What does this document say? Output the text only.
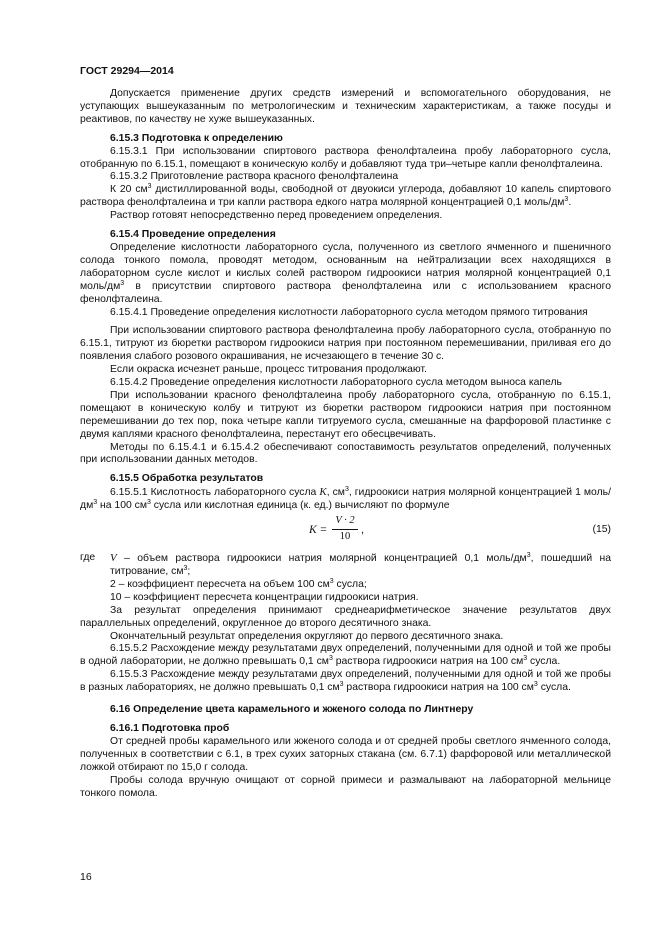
ГОСТ 29294—2014

Допускается применение других средств измерений и вспомогательного оборудования, не уступающих вышеуказанным по метрологическим и техническим характеристикам, а также посуды и реактивов, по качеству не хуже вышеуказанных.

6.15.3 Подготовка к определению

6.15.3.1 При использовании спиртового раствора фенолфталеина пробу лабораторного сусла, отобранную по 6.15.1, помещают в коническую колбу и добавляют туда три–четыре капли фенолфталеина.

6.15.3.2 Приготовление раствора красного фенолфталеина

К 20 $см^3$ дистиллированной воды, свободной от двуокиси углерода, добавляют 10 капель спиртового раствора фенолфталеина и три капли раствора едкого натра молярной концентрацией 0,1 моль/$дм^3$.

Раствор готовят непосредственно перед проведением определения.

6.15.4 Проведение определения

Определение кислотности лабораторного сусла, полученного из светлого ячменного и пшеничного солода тонкого помола, проводят методом, основанным на нейтрализации всех находящихся в лабораторном сусле кислот и кислых солей раствором гидроокиси натрия молярной концентрацией 0,1 моль/$дм^3$ в присутствии спиртового раствора фенолфталеина или с использованием красного фенолфталеина.

6.15.4.1 Проведение определения кислотности лабораторного сусла методом прямого титрования

При использовании спиртового раствора фенолфталеина пробу лабораторного сусла, отобранную по 6.15.1, титруют из бюретки раствором гидроокиси натрия при постоянном перемешивании, приливая его до появления слабого розового окрашивания, не исчезающего в течение 30 с.

Если окраска исчезнет раньше, процесс титрования продолжают.

6.15.4.2 Проведение определения кислотности лабораторного сусла методом выноса капель

При использовании красного фенолфталеина пробу лабораторного сусла, отобранную по 6.15.1, помещают в коническую колбу и титруют из бюретки раствором гидроокиси натрия при постоянном перемешивании до тех пор, пока четыре капли титруемого сусла, смешанные на фарфоровой пластинке с двумя каплями красного фенолфталеина, перестанут его обесцвечивать.

Методы по 6.15.4.1 и 6.15.4.2 обеспечивают сопоставимость результатов определений, полученных при использовании данных методов.

6.15.5 Обработка результатов

6.15.5.1 Кислотность лабораторного сусла K, $см^3$, гидроокиси натрия молярной концентрацией 1 моль/$дм^3$ на 100 $см^3$ сусла или кислотная единица (к. ед.) вычисляют по формуле

$K = \frac{V \cdot 2}{10}$ ,	(15)
где	V – объем раствора гидроокиси натрия молярной концентрацией 0,1 моль/$дм^3$, пошедший на титрование, $см^3$;

2 – коэффициент пересчета на объем 100 $см^3$ сусла;

10 – коэффициент пересчета концентрации гидроокиси натрия.

За результат определения принимают среднеарифметическое значение результатов двух параллельных определений, округленное до второго десятичного знака.

Окончательный результат определения округляют до первого десятичного знака.

6.15.5.2 Расхождение между результатами двух определений, полученными для одной и той же пробы в одной лаборатории, не должно превышать 0,1 $см^3$ раствора гидроокиси натрия на 100 $см^3$ сусла.

6.15.5.3 Расхождение между результатами двух определений, полученными для одной и той же пробы в разных лабораториях, не должно превышать 0,1 $см^3$ раствора гидроокиси натрия на 100 $см^3$ сусла.

6.16 Определение цвета карамельного и жженого солода по Линтнеру

6.16.1 Подготовка проб

От средней пробы карамельного или жженого солода и от средней пробы светлого ячменного солода, полученных в соответствии с 6.1, в трех сухих заторных стакана (см. 6.7.1) фарфоровой или металлической ложкой отбирают по 15,0 г солода.

Пробы солода вручную очищают от сорной примеси и размалывают на лабораторной мельнице тонкого помола.

16
